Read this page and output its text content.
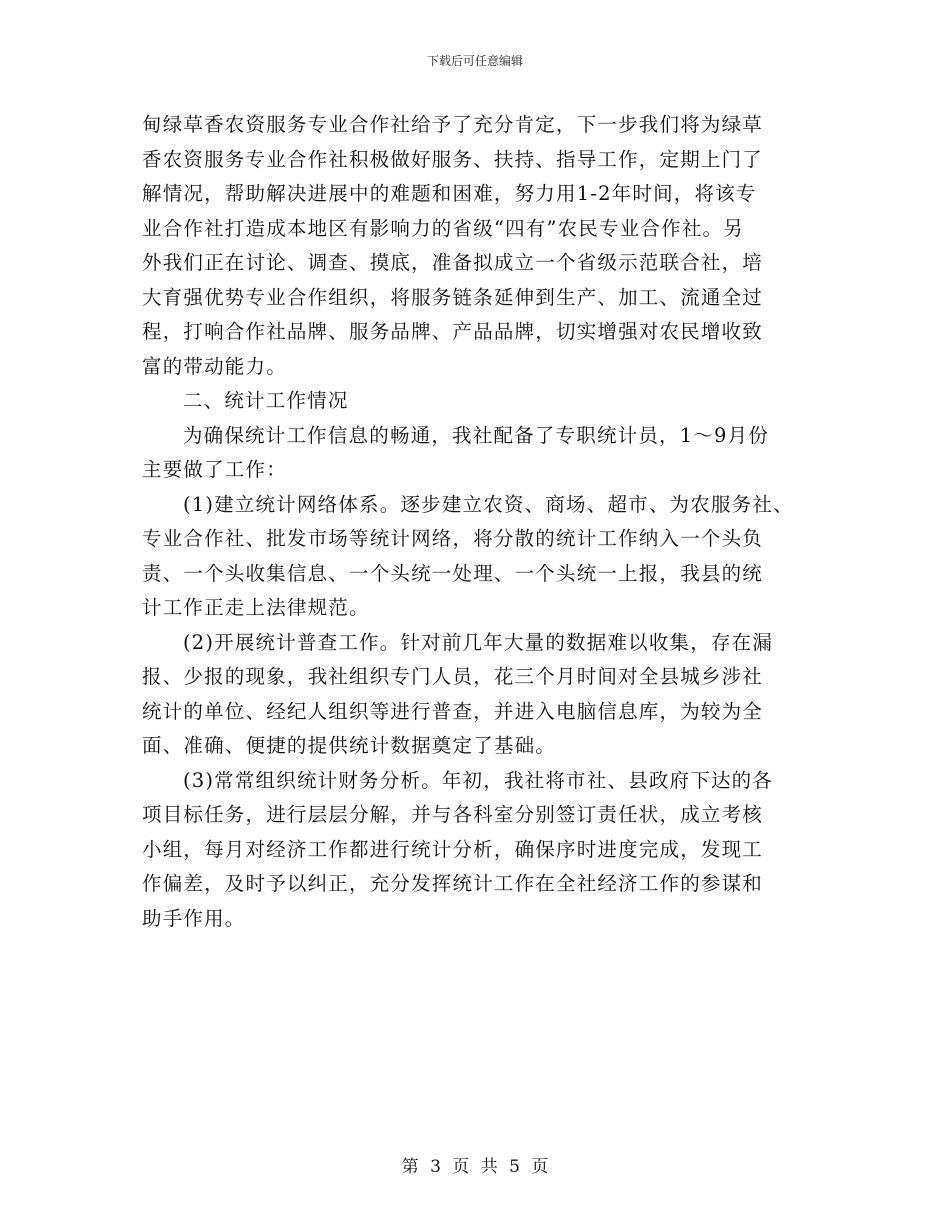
下载后可任意编辑
甸绿草香农资服务专业合作社给予了充分肯定，下一步我们将为绿草
香农资服务专业合作社积极做好服务、扶持、指导工作，定期上门了
解情况，帮助解决进展中的难题和困难，努力用1-2年时间，将该专
业合作社打造成本地区有影响力的省级“四有”农民专业合作社。另
外我们正在讨论、调查、摸底，准备拟成立一个省级示范联合社，培
大育强优势专业合作组织，将服务链条延伸到生产、加工、流通全过
程，打响合作社品牌、服务品牌、产品品牌，切实增强对农民增收致
富的带动能力。
二、统计工作情况
为确保统计工作信息的畅通，我社配备了专职统计员，1～9月份
主要做了工作：
(1)建立统计网络体系。逐步建立农资、商场、超市、为农服务社、
专业合作社、批发市场等统计网络，将分散的统计工作纳入一个头负
责、一个头收集信息、一个头统一处理、一个头统一上报，我县的统
计工作正走上法律规范。
(2)开展统计普查工作。针对前几年大量的数据难以收集，存在漏
报、少报的现象，我社组织专门人员，花三个月时间对全县城乡涉社
统计的单位、经纪人组织等进行普查，并进入电脑信息库，为较为全
面、准确、便捷的提供统计数据奠定了基础。
(3)常常组织统计财务分析。年初，我社将市社、县政府下达的各
项目标任务，进行层层分解，并与各科室分别签订责任状，成立考核
小组，每月对经济工作都进行统计分析，确保序时进度完成，发现工
作偏差，及时予以纠正，充分发挥统计工作在全社经济工作的参谋和
助手作用。
第 3 页 共 5 页
